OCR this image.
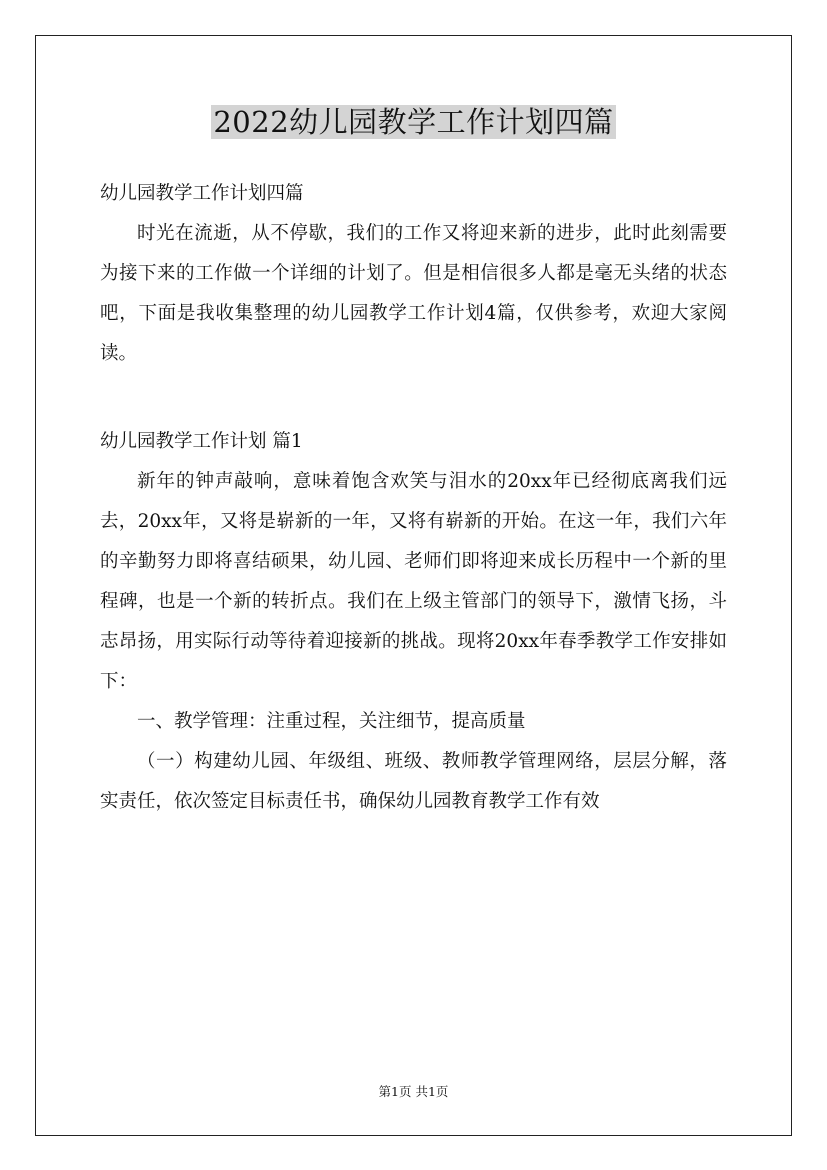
2022幼儿园教学工作计划四篇

幼儿园教学工作计划四篇

时光在流逝，从不停歇，我们的工作又将迎来新的进步，此时此刻需要为接下来的工作做一个详细的计划了。但是相信很多人都是毫无头绪的状态吧，下面是我收集整理的幼儿园教学工作计划4篇，仅供参考，欢迎大家阅读。

幼儿园教学工作计划 篇1

新年的钟声敲响，意味着饱含欢笑与泪水的20xx年已经彻底离我们远去，20xx年，又将是崭新的一年，又将有崭新的开始。在这一年，我们六年的辛勤努力即将喜结硕果，幼儿园、老师们即将迎来成长历程中一个新的里程碑，也是一个新的转折点。我们在上级主管部门的领导下，激情飞扬，斗志昂扬，用实际行动等待着迎接新的挑战。现将20xx年春季教学工作安排如下：

一、教学管理：注重过程，关注细节，提高质量

（一）构建幼儿园、年级组、班级、教师教学管理网络，层层分解，落实责任，依次签定目标责任书，确保幼儿园教育教学工作有效

第1页 共1页
